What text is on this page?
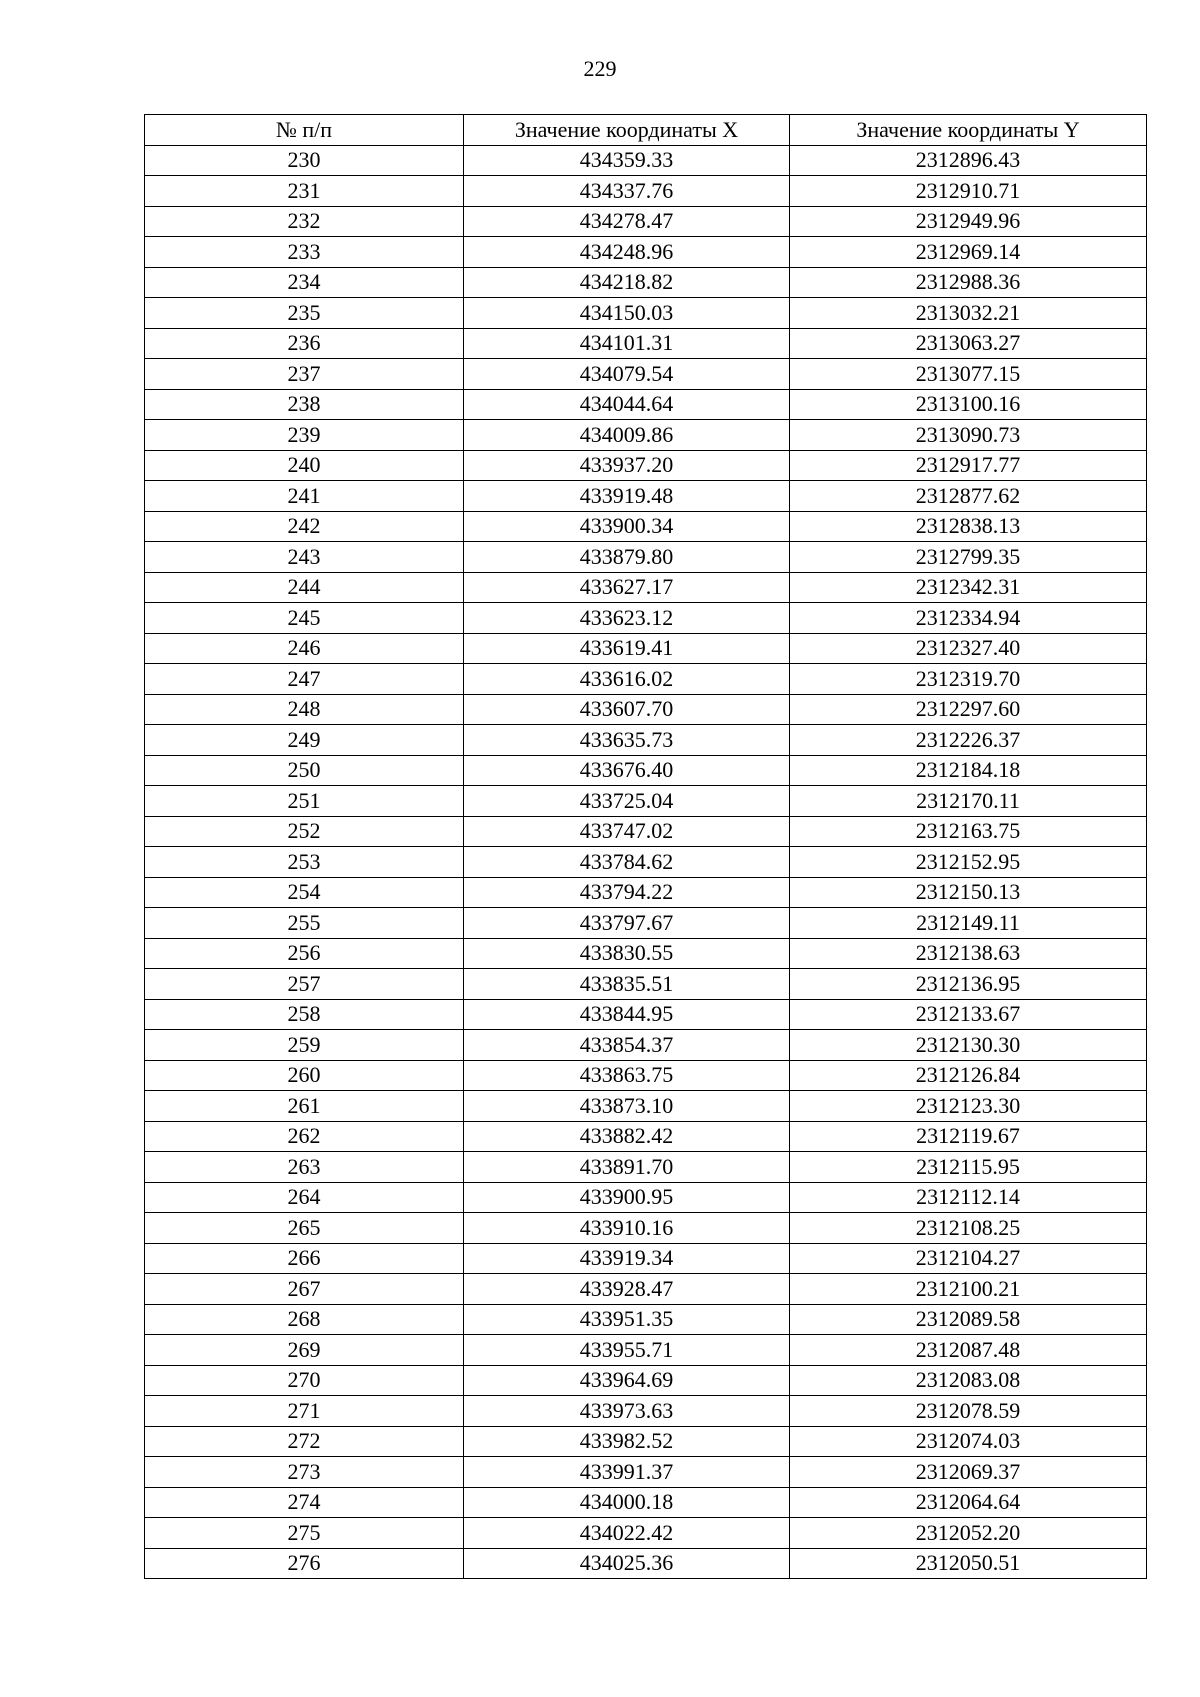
229
№ п/п	Значение координаты X	Значение координаты Y
230	434359.33	2312896.43
231	434337.76	2312910.71
232	434278.47	2312949.96
233	434248.96	2312969.14
234	434218.82	2312988.36
235	434150.03	2313032.21
236	434101.31	2313063.27
237	434079.54	2313077.15
238	434044.64	2313100.16
239	434009.86	2313090.73
240	433937.20	2312917.77
241	433919.48	2312877.62
242	433900.34	2312838.13
243	433879.80	2312799.35
244	433627.17	2312342.31
245	433623.12	2312334.94
246	433619.41	2312327.40
247	433616.02	2312319.70
248	433607.70	2312297.60
249	433635.73	2312226.37
250	433676.40	2312184.18
251	433725.04	2312170.11
252	433747.02	2312163.75
253	433784.62	2312152.95
254	433794.22	2312150.13
255	433797.67	2312149.11
256	433830.55	2312138.63
257	433835.51	2312136.95
258	433844.95	2312133.67
259	433854.37	2312130.30
260	433863.75	2312126.84
261	433873.10	2312123.30
262	433882.42	2312119.67
263	433891.70	2312115.95
264	433900.95	2312112.14
265	433910.16	2312108.25
266	433919.34	2312104.27
267	433928.47	2312100.21
268	433951.35	2312089.58
269	433955.71	2312087.48
270	433964.69	2312083.08
271	433973.63	2312078.59
272	433982.52	2312074.03
273	433991.37	2312069.37
274	434000.18	2312064.64
275	434022.42	2312052.20
276	434025.36	2312050.51
